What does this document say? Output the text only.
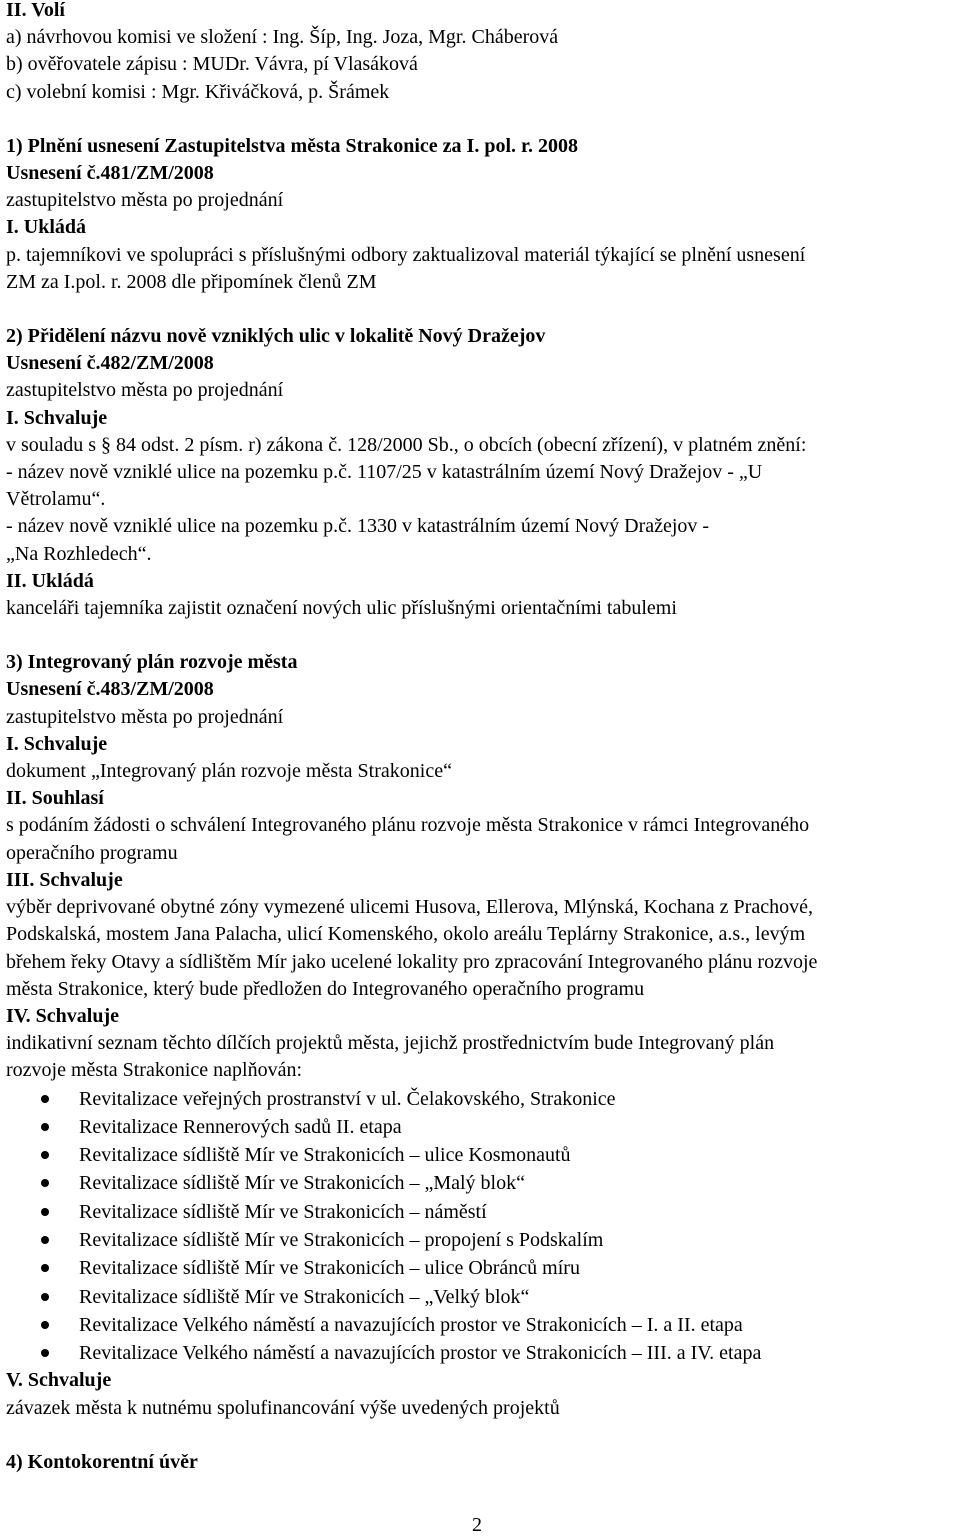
II. Volí
a) návrhovou komisi ve složení : Ing. Šíp, Ing. Joza, Mgr. Cháberová
b) ověřovatele zápisu : MUDr. Vávra, pí Vlasáková
c) volební komisi : Mgr. Křiváčková, p. Šrámek
1) Plnění usnesení Zastupitelstva města Strakonice za I. pol. r. 2008
Usnesení č.481/ZM/2008
zastupitelstvo města po projednání
I. Ukládá
p. tajemníkovi ve spolupráci s příslušnými odbory zaktualizoval materiál týkající se plnění usnesení
ZM za I.pol. r. 2008 dle připomínek členů ZM
2) Přidělení názvu nově vzniklých ulic v lokalitě Nový Dražejov
Usnesení č.482/ZM/2008
zastupitelstvo města po projednání
I. Schvaluje
v souladu s § 84 odst. 2 písm. r) zákona č. 128/2000 Sb., o obcích (obecní zřízení), v platném znění:
- název nově vzniklé ulice na pozemku p.č. 1107/25 v katastrálním území Nový Dražejov - „U
Větrolamu“.
- název nově vzniklé ulice na pozemku p.č. 1330 v katastrálním území Nový Dražejov -
„Na Rozhledech“.
II. Ukládá
kanceláři tajemníka zajistit označení nových ulic příslušnými orientačními tabulemi
3) Integrovaný plán rozvoje města
Usnesení č.483/ZM/2008
zastupitelstvo města po projednání
I. Schvaluje
dokument „Integrovaný plán rozvoje města Strakonice“
II. Souhlasí
s podáním žádosti o schválení Integrovaného plánu rozvoje města Strakonice v rámci Integrovaného
operačního programu
III. Schvaluje
výběr deprivované obytné zóny vymezené ulicemi Husova, Ellerova, Mlýnská, Kochana z Prachové,
Podskalská, mostem Jana Palacha, ulicí Komenského, okolo areálu Teplárny Strakonice, a.s., levým
břehem řeky Otavy a sídlištěm Mír jako ucelené lokality pro zpracování Integrovaného plánu rozvoje
města Strakonice, který bude předložen do Integrovaného operačního programu
IV. Schvaluje
indikativní seznam těchto dílčích projektů města, jejichž prostřednictvím bude Integrovaný plán
rozvoje města Strakonice naplňován:
Revitalizace veřejných prostranství v ul. Čelakovského, Strakonice
Revitalizace Rennerových sadů II. etapa
Revitalizace sídliště Mír ve Strakonicích – ulice Kosmonautů
Revitalizace sídliště Mír ve Strakonicích – „Malý blok“
Revitalizace sídliště Mír ve Strakonicích – náměstí
Revitalizace sídliště Mír ve Strakonicích – propojení s Podskalím
Revitalizace sídliště Mír ve Strakonicích – ulice Obránců míru
Revitalizace sídliště Mír ve Strakonicích – „Velký blok“
Revitalizace Velkého náměstí a navazujících prostor ve Strakonicích – I. a II. etapa
Revitalizace Velkého náměstí a navazujících prostor ve Strakonicích – III. a IV. etapa
V. Schvaluje
závazek města k nutnému spolufinancování výše uvedených projektů
4) Kontokorentní úvěr
2
